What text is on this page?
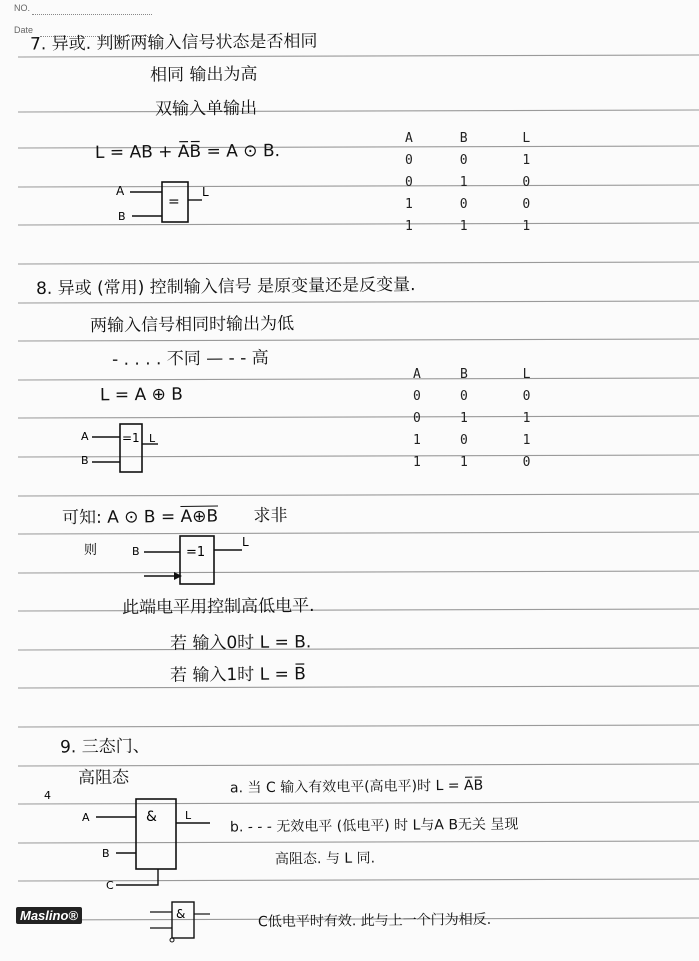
NO.
Date
7. 异或. 判断两输入信号状态是否相同
相同 输出为高
双输入单输出
L = AB + A̅B̅ = A ⊙ B.
A
B
=
L
A	B	L
0	0	1
0	1	0
1	0	0
1	1	1
8. 异或 (常用) 控制输入信号 是原变量还是反变量.
两输入信号相同时输出为低
- . . . . 不同 — - - 高
L = A ⊕ B
A	B	L
0	0	0
0	1	1
1	0	1
1	1	0
A
B
=1 L
可知: A ⊙ B = A⊕B 求非
则	B	=1
L
此端电平用控制高低电平.
若 输入0时 L = B.
若 输入1时 L = B̅
9. 三态门、
高阻态	a. 当 C 输入有效电平(高电平)时 L = A̅B̅
b. - - - 无效电平 (低电平) 时 L与A B无关 呈现
高阻态. 与 L 同.
4
A
B
C
&	L
&	C低电平时有效. 此与上一个门为相反.
Maslino®
